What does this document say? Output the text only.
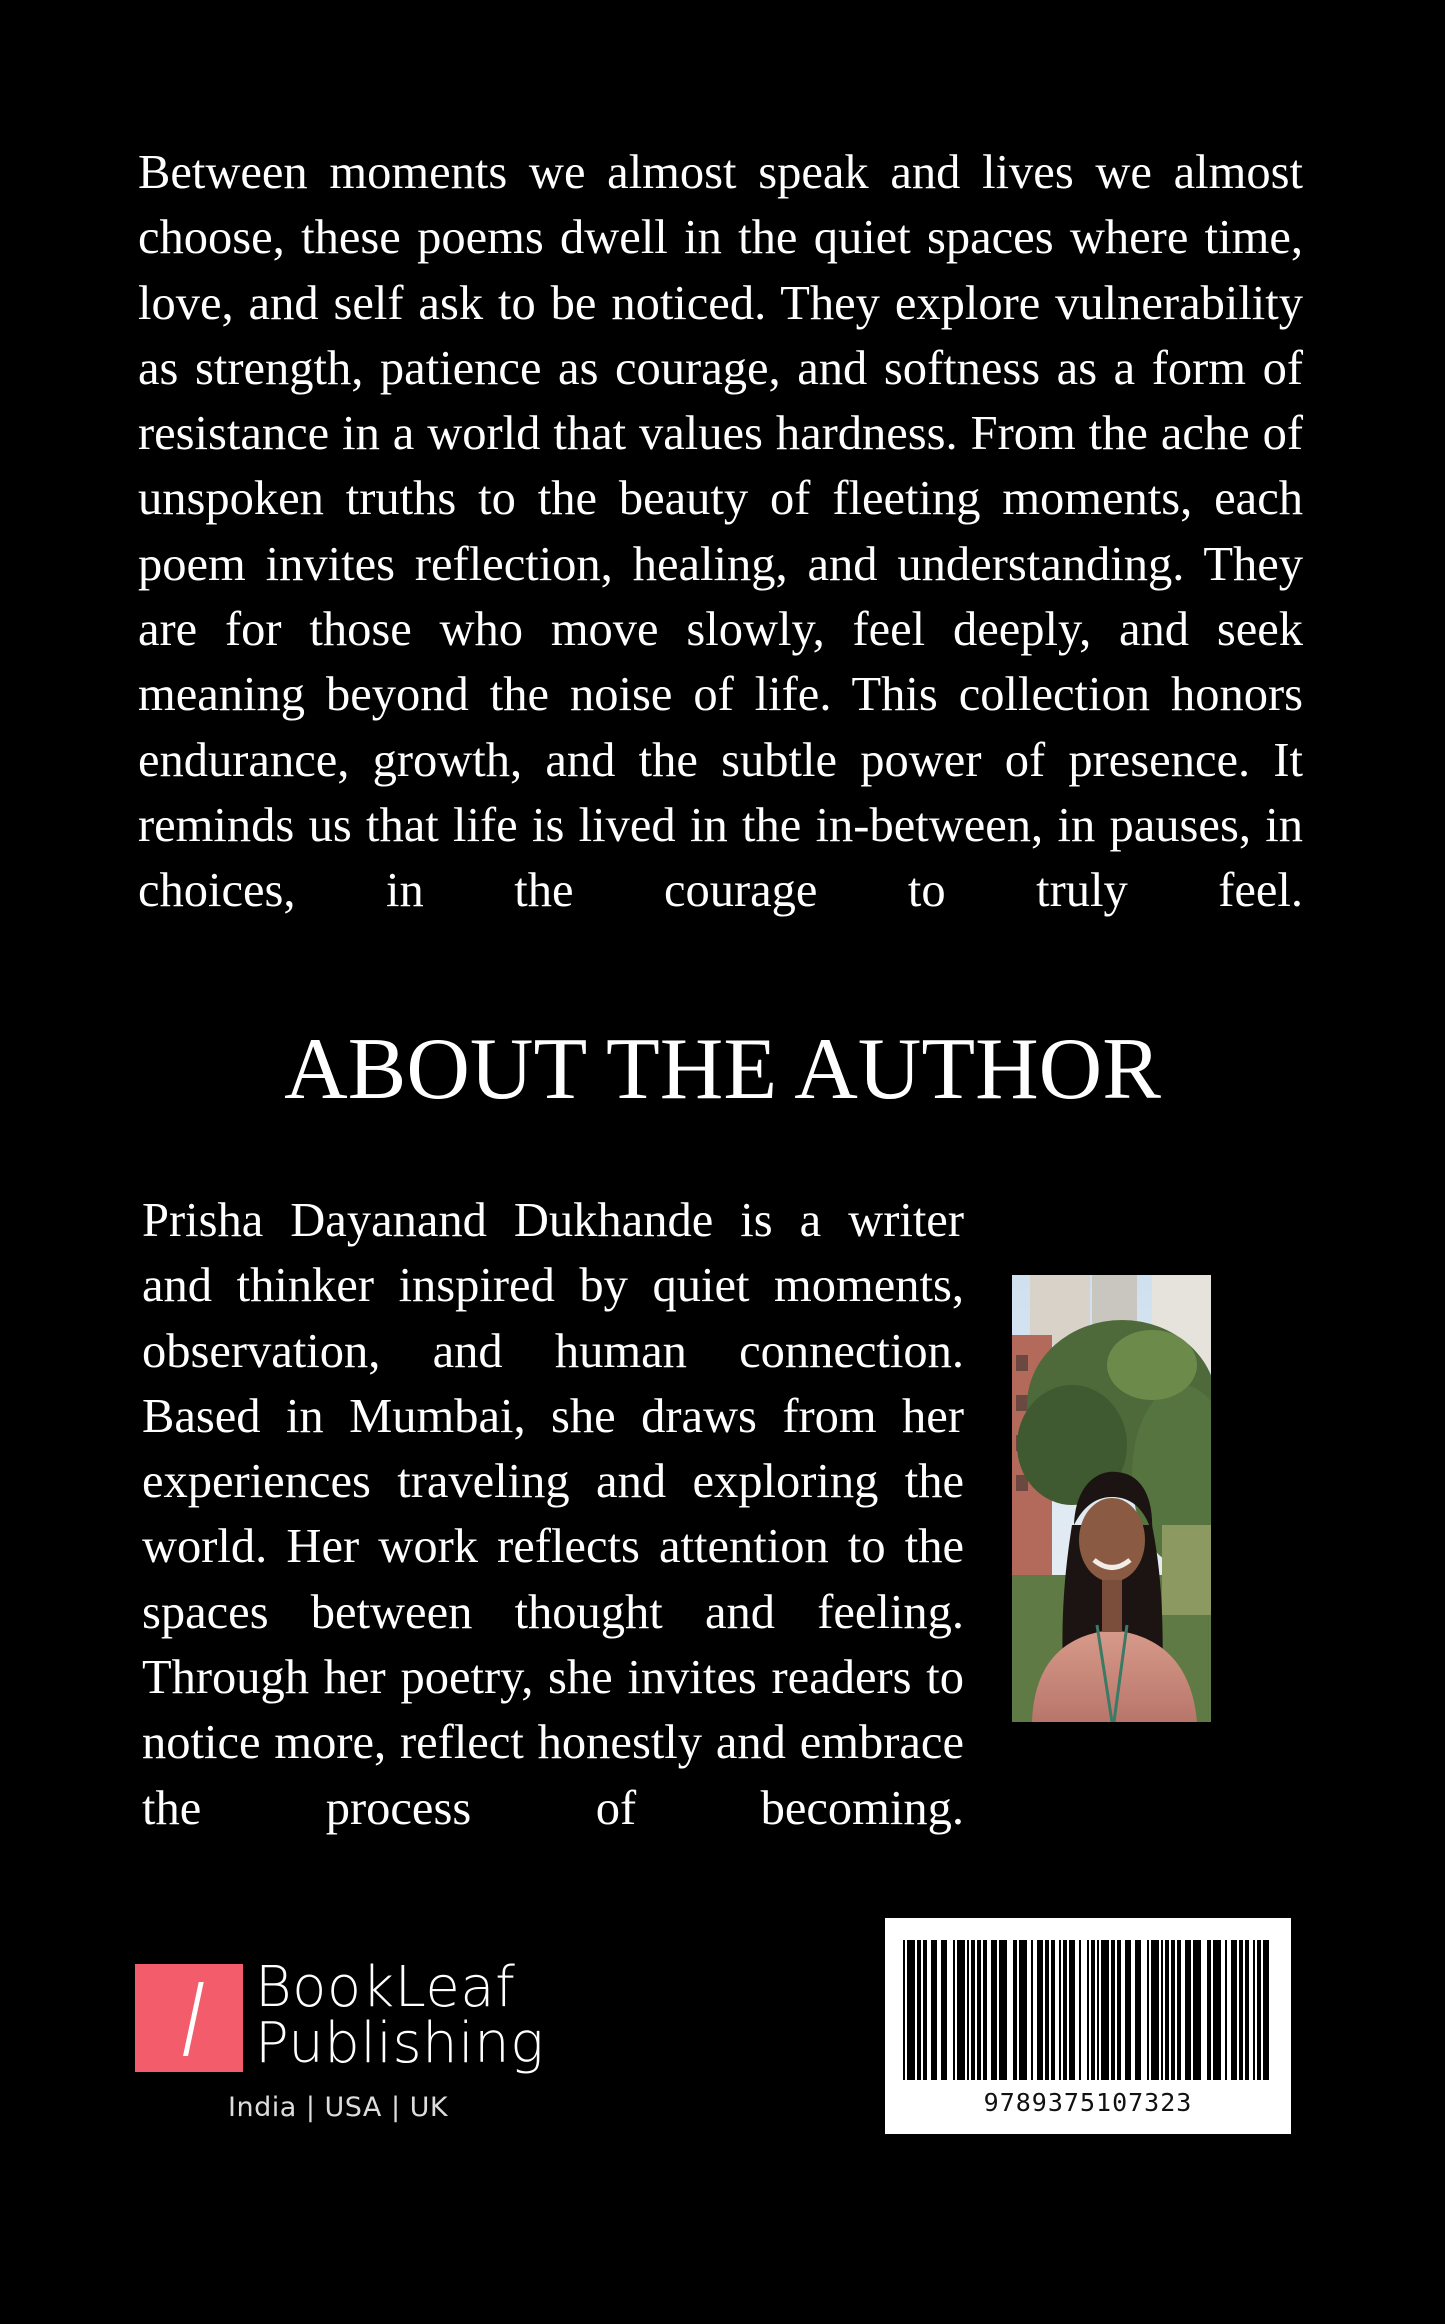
Between moments we almost speak and lives we almost choose, these poems dwell in the quiet spaces where time, love, and self ask to be noticed. They explore vulnerability as strength, patience as courage, and softness as a form of resistance in a world that values hardness. From the ache of unspoken truths to the beauty of fleeting moments, each poem invites reflection, healing, and understanding. They are for those who move slowly, feel deeply, and seek meaning beyond the noise of life. This collection honors endurance, growth, and the subtle power of presence. It reminds us that life is lived in the in-between, in pauses, in choices, in the courage to truly feel.
ABOUT THE AUTHOR
Prisha Dayanand Dukhande is a writer and thinker inspired by quiet moments, observation, and human connection. Based in Mumbai, she draws from her experiences traveling and exploring the world. Her work reflects attention to the spaces between thought and feeling. Through her poetry, she invites readers to notice more, reflect honestly and embrace the process of becoming.
BookLeaf
Publishing
India | USA | UK	9789375107323
